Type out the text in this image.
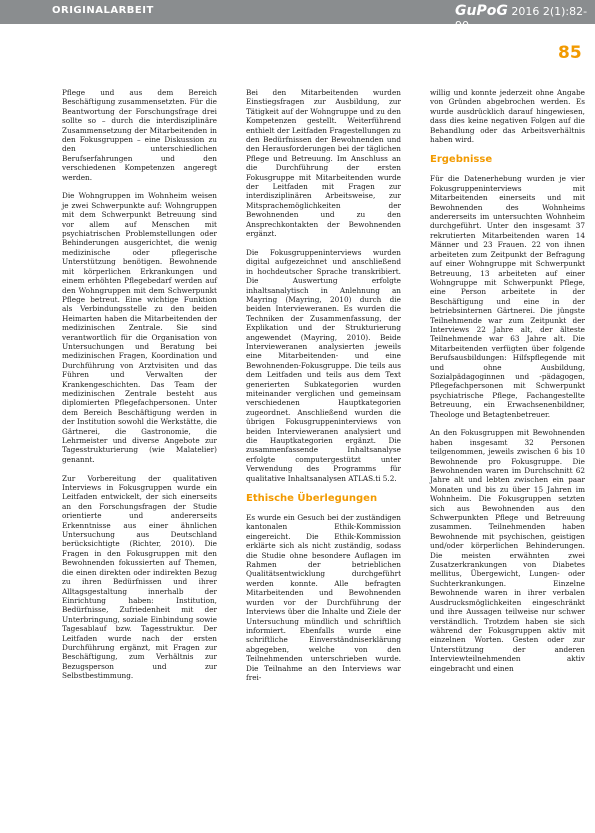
ORIGINALARBEIT	GuPoG 2016 2(1):82-90
85

Pflege und aus dem Bereich Beschäftigung zusammensetzten. Für die Beantwortung der Forschungsfrage drei sollte so – durch die interdisziplinäre Zusammensetzung der Mitarbeitenden in den Fokusgruppen – eine Diskussion zu den unterschiedlichen Berufserfahrungen und den verschiedenen Kompetenzen angeregt werden.

Die Wohngruppen im Wohnheim weisen je zwei Schwerpunkte auf: Wohngruppen mit dem Schwerpunkt Betreuung sind vor allem auf Menschen mit psychiatrischen Problemstellungen oder Behinderungen ausgerichtet, die wenig medizinische oder pflegerische Unterstützung benötigen. Bewohnende mit körperlichen Erkrankungen und einem erhöhten Pflegebedarf werden auf den Wohngruppen mit dem Schwerpunkt Pflege betreut. Eine wichtige Funktion als Verbindungsstelle zu den beiden Heimarten haben die Mitarbeitenden der medizinischen Zentrale. Sie sind verantwortlich für die Organisation von Untersuchungen und Beratung bei medizinischen Fragen, Koordination und Durchführung von Arztvisiten und das Führen und Verwalten der Krankengeschichten. Das Team der medizinischen Zentrale besteht aus diplomierten Pflegefachpersonen. Unter dem Bereich Beschäftigung werden in der Institution sowohl die Werkstätte, die Gärtnerei, die Gastronomie, die Lehrmeister und diverse Angebote zur Tagesstrukturierung (wie Malatelier) genannt.

Zur Vorbereitung der qualitativen Interviews in Fokusgruppen wurde ein Leitfaden entwickelt, der sich einerseits an den Forschungsfragen der Studie orientierte und andererseits Erkenntnisse aus einer ähnlichen Untersuchung aus Deutschland berücksichtigte (Richter, 2010). Die Fragen in den Fokusgruppen mit den Bewohnenden fokussierten auf Themen, die einen direkten oder indirekten Bezug zu ihren Bedürfnissen und ihrer Alltagsgestaltung innerhalb der Einrichtung haben: Institution, Bedürfnisse, Zufriedenheit mit der Unterbringung, soziale Einbindung sowie Tagesablauf bzw. Tagesstruktur. Der Leitfaden wurde nach der ersten Durchführung ergänzt, mit Fragen zur Beschäftigung, zum Verhältnis zur Bezugsperson und zur Selbstbestimmung.

Bei den Mitarbeitenden wurden Einstiegsfragen zur Ausbildung, zur Tätigkeit auf der Wohngruppe und zu den Kompetenzen gestellt. Weiterführend enthielt der Leitfaden Fragestellungen zu den Bedürfnissen der Bewohnenden und den Herausforderungen bei der täglichen Pflege und Betreuung. Im Anschluss an die Durchführung der ersten Fokusgruppe mit Mitarbeitenden wurde der Leitfaden mit Fragen zur interdisziplinären Arbeitsweise, zur Mitsprachemöglichkeiten der Bewohnenden und zu den Ansprechkontakten der Bewohnenden ergänzt.

Die Fokusgruppeninterviews wurden digital aufgezeichnet und anschließend in hochdeutscher Sprache transkribiert. Die Auswertung erfolgte inhaltsanalytisch in Anlehnung an Mayring (Mayring, 2010) durch die beiden Intervieweranen. Es wurden die Techniken der Zusammenfassung, der Explikation und der Strukturierung angewendet (Mayring, 2010). Beide Intervieweranen analysierten jeweils eine Mitarbeitenden- und eine Bewohnenden-Fokusgruppe. Die teils aus dem Leitfaden und teils aus dem Text generierten Subkategorien wurden miteinander verglichen und gemeinsam verschiedenen Hauptkategorien zugeordnet. Anschließend wurden die übrigen Fokusgruppeninterviews von beiden Intervieweranen analysiert und die Hauptkategorien ergänzt. Die zusammenfassende Inhaltsanalyse erfolgte computergestützt unter Verwendung des Programms für qualitative Inhaltsanalysen ATLAS.ti 5.2.

Ethische Überlegungen

Es wurde ein Gesuch bei der zuständigen kantonalen Ethik-Kommission eingereicht. Die Ethik-Kommission erklärte sich als nicht zuständig, sodass die Studie ohne besondere Auflagen im Rahmen der betrieblichen Qualitätsentwicklung durchgeführt werden konnte. Alle befragten Mitarbeitenden und Bewohnenden wurden vor der Durchführung der Interviews über die Inhalte und Ziele der Untersuchung mündlich und schriftlich informiert. Ebenfalls wurde eine schriftliche Einverständniserklärung abgegeben, welche von den Teilnehmenden unterschrieben wurde. Die Teilnahme an den Interviews war frei-

willig und konnte jederzeit ohne Angabe von Gründen abgebrochen werden. Es wurde ausdrücklich darauf hingewiesen, dass dies keine negativen Folgen auf die Behandlung oder das Arbeitsverhältnis haben wird.

Ergebnisse

Für die Datenerhebung wurden je vier Fokusgruppeninterviews mit Mitarbeitenden einerseits und mit Bewohnenden des Wohnheims andererseits im untersuchten Wohnheim durchgeführt. Unter den insgesamt 37 rekrutierten Mitarbeitenden waren 14 Männer und 23 Frauen. 22 von ihnen arbeiteten zum Zeitpunkt der Befragung auf einer Wohngruppe mit Schwerpunkt Betreuung, 13 arbeiteten auf einer Wohngruppe mit Schwerpunkt Pflege, eine Person arbeitete in der Beschäftigung und eine in der betriebsinternen Gärtnerei. Die jüngste Teilnehmende war zum Zeitpunkt der Interviews 22 Jahre alt, der älteste Teilnehmende war 63 Jahre alt. Die Mitarbeitenden verfügten über folgende Berufsausbildungen: Hilfspflegende mit und ohne Ausbildung, Sozialpädagoginnen und -pädagogen, Pflegefachpersonen mit Schwerpunkt psychiatrische Pflege, Fachangestellte Betreuung, ein Erwachsenenbildner, Theologe und Betagtenbetreuer.

An den Fokusgruppen mit Bewohnenden haben insgesamt 32 Personen teilgenommen, jeweils zwischen 6 bis 10 Bewohnende pro Fokusgruppe. Die Bewohnenden waren im Durchschnitt 62 Jahre alt und lebten zwischen ein paar Monaten und bis zu über 15 Jahren im Wohnheim. Die Fokusgruppen setzten sich aus Bewohnenden aus den Schwerpunkten Pflege und Betreuung zusammen. Teilnehmenden haben Bewohnende mit psychischen, geistigen und/oder körperlichen Behinderungen. Die meisten erwähnten zwei Zusatzerkrankungen von Diabetes mellitus, Übergewicht, Lungen- oder Suchterkrankungen. Einzelne Bewohnende waren in ihrer verbalen Ausdrucksmöglichkeiten eingeschränkt und ihre Aussagen teilweise nur schwer verständlich. Trotzdem haben sie sich während der Fokusgruppen aktiv mit einzelnen Worten. Gesten oder zur Unterstützung der anderen Interviewteilnehmenden aktiv eingebracht und einen
